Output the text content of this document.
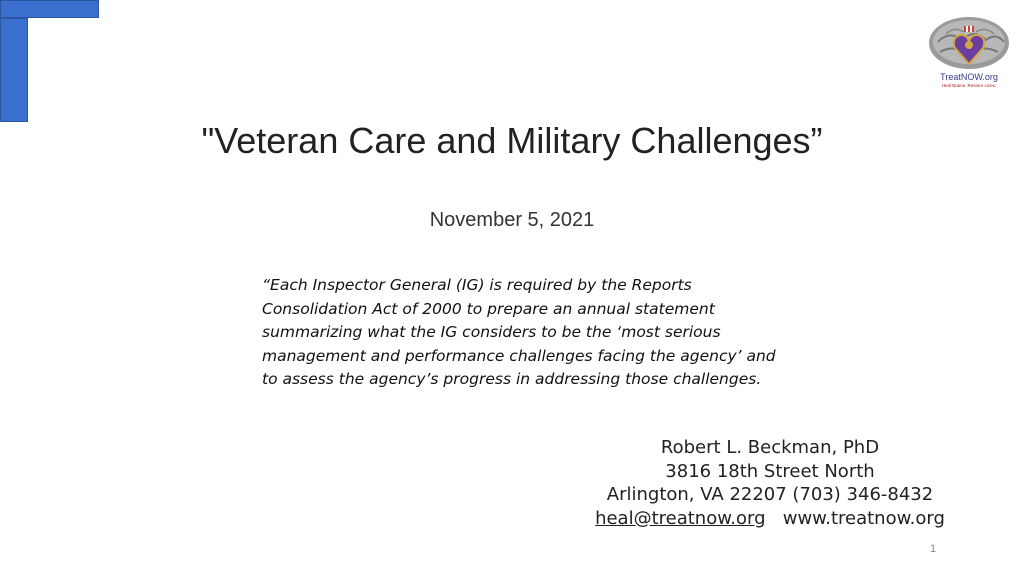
TreatNOW.org
Heal Brains. Restore Lives.
"Veteran Care and Military Challenges”
November 5, 2021
“Each Inspector General (IG) is required by the Reports
Consolidation Act of 2000 to prepare an annual statement
summarizing what the IG considers to be the ‘most serious
management and performance challenges facing the agency’ and
to assess the agency’s progress in addressing those challenges.
Robert L. Beckman, PhD
3816 18th Street North
Arlington, VA 22207 (703) 346-8432
heal@treatnow.org www.treatnow.org
1
